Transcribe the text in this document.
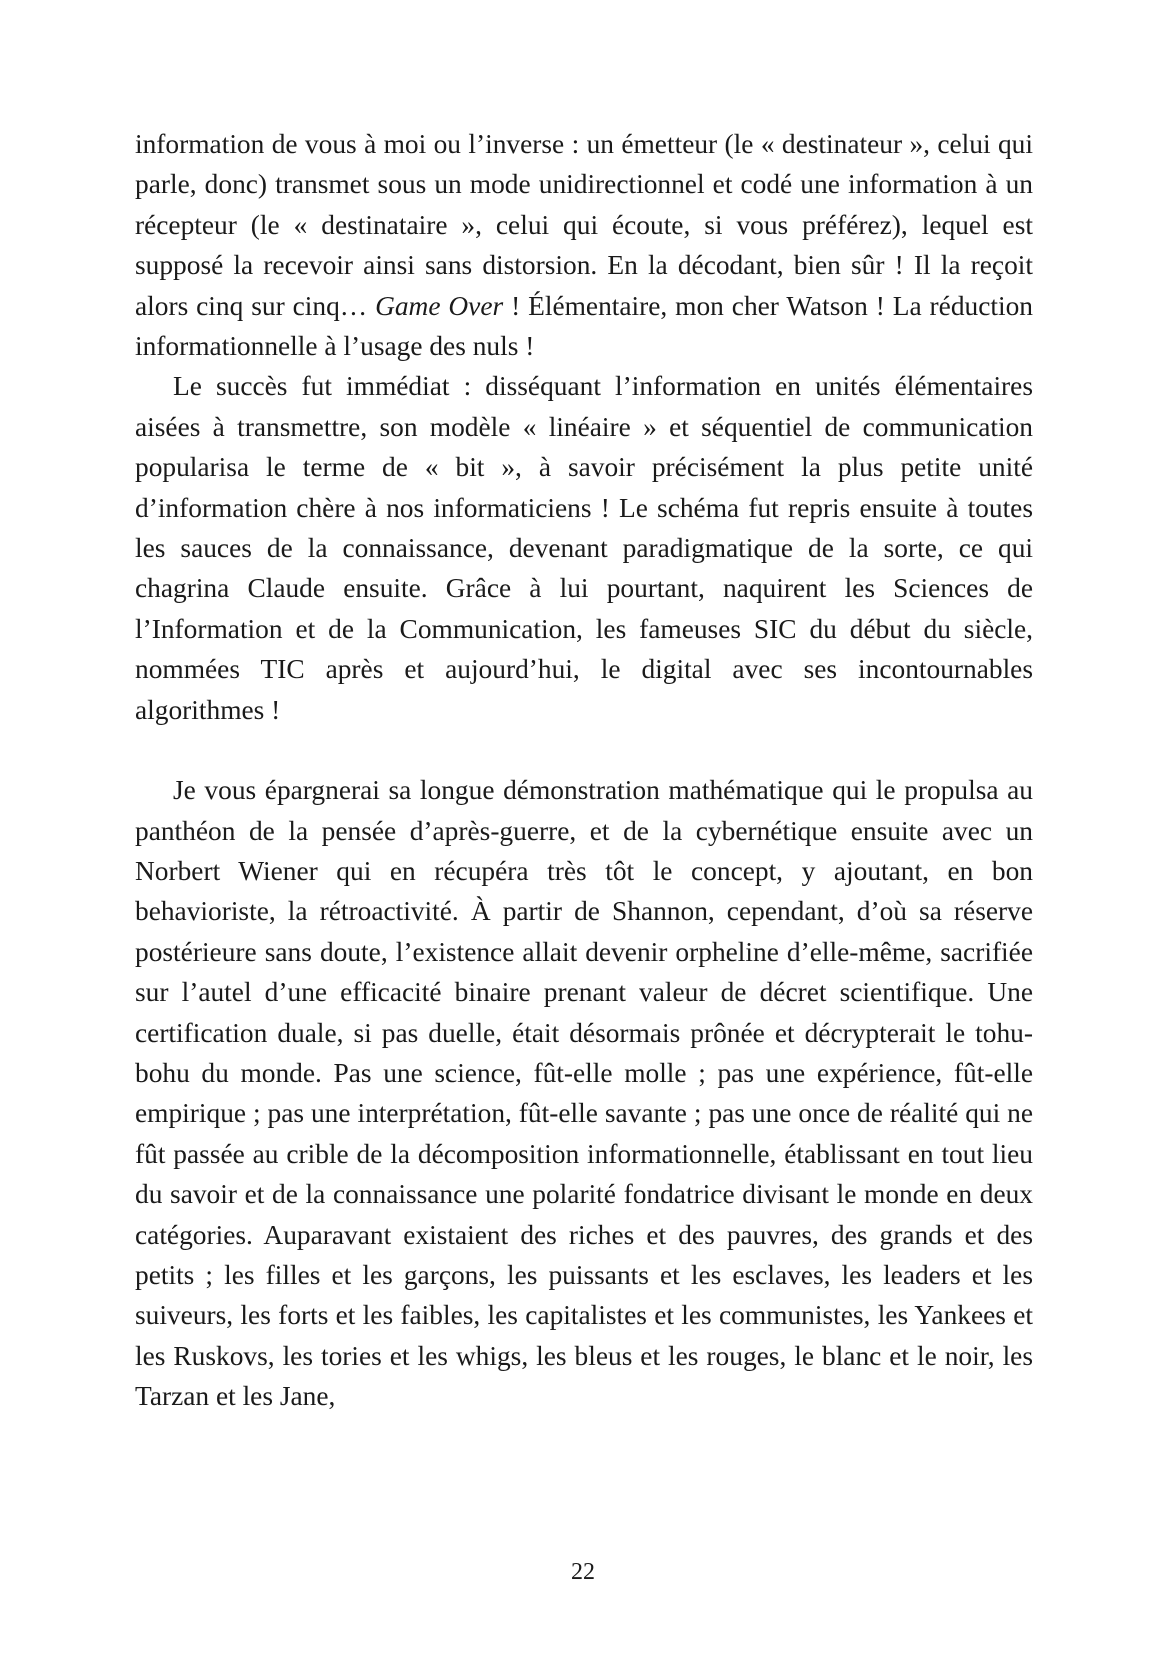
information de vous à moi ou l’inverse : un émetteur (le « destinateur », celui qui parle, donc) transmet sous un mode unidirectionnel et codé une information à un récepteur (le « destinataire », celui qui écoute, si vous préférez), lequel est supposé la recevoir ainsi sans distorsion. En la décodant, bien sûr ! Il la reçoit alors cinq sur cinq… Game Over ! Élémentaire, mon cher Watson ! La réduction informationnelle à l’usage des nuls !

Le succès fut immédiat : disséquant l’information en unités élémentaires aisées à transmettre, son modèle « linéaire » et séquentiel de communication popularisa le terme de « bit », à savoir précisément la plus petite unité d’information chère à nos informaticiens ! Le schéma fut repris ensuite à toutes les sauces de la connaissance, devenant paradigmatique de la sorte, ce qui chagrina Claude ensuite. Grâce à lui pourtant, naquirent les Sciences de l’Information et de la Communication, les fameuses SIC du début du siècle, nommées TIC après et aujourd’hui, le digital avec ses incontournables algorithmes !

Je vous épargnerai sa longue démonstration mathématique qui le propulsa au panthéon de la pensée d’après-guerre, et de la cybernétique ensuite avec un Norbert Wiener qui en récupéra très tôt le concept, y ajoutant, en bon behavioriste, la rétroactivité. À partir de Shannon, cependant, d’où sa réserve postérieure sans doute, l’existence allait devenir orpheline d’elle-même, sacrifiée sur l’autel d’une efficacité binaire prenant valeur de décret scientifique. Une certification duale, si pas duelle, était désormais prônée et décrypterait le tohu-bohu du monde. Pas une science, fût-elle molle ; pas une expérience, fût-elle empirique ; pas une interprétation, fût-elle savante ; pas une once de réalité qui ne fût passée au crible de la décomposition informationnelle, établissant en tout lieu du savoir et de la connaissance une polarité fondatrice divisant le monde en deux catégories. Auparavant existaient des riches et des pauvres, des grands et des petits ; les filles et les garçons, les puissants et les esclaves, les leaders et les suiveurs, les forts et les faibles, les capitalistes et les communistes, les Yankees et les Ruskovs, les tories et les whigs, les bleus et les rouges, le blanc et le noir, les Tarzan et les Jane,

22
